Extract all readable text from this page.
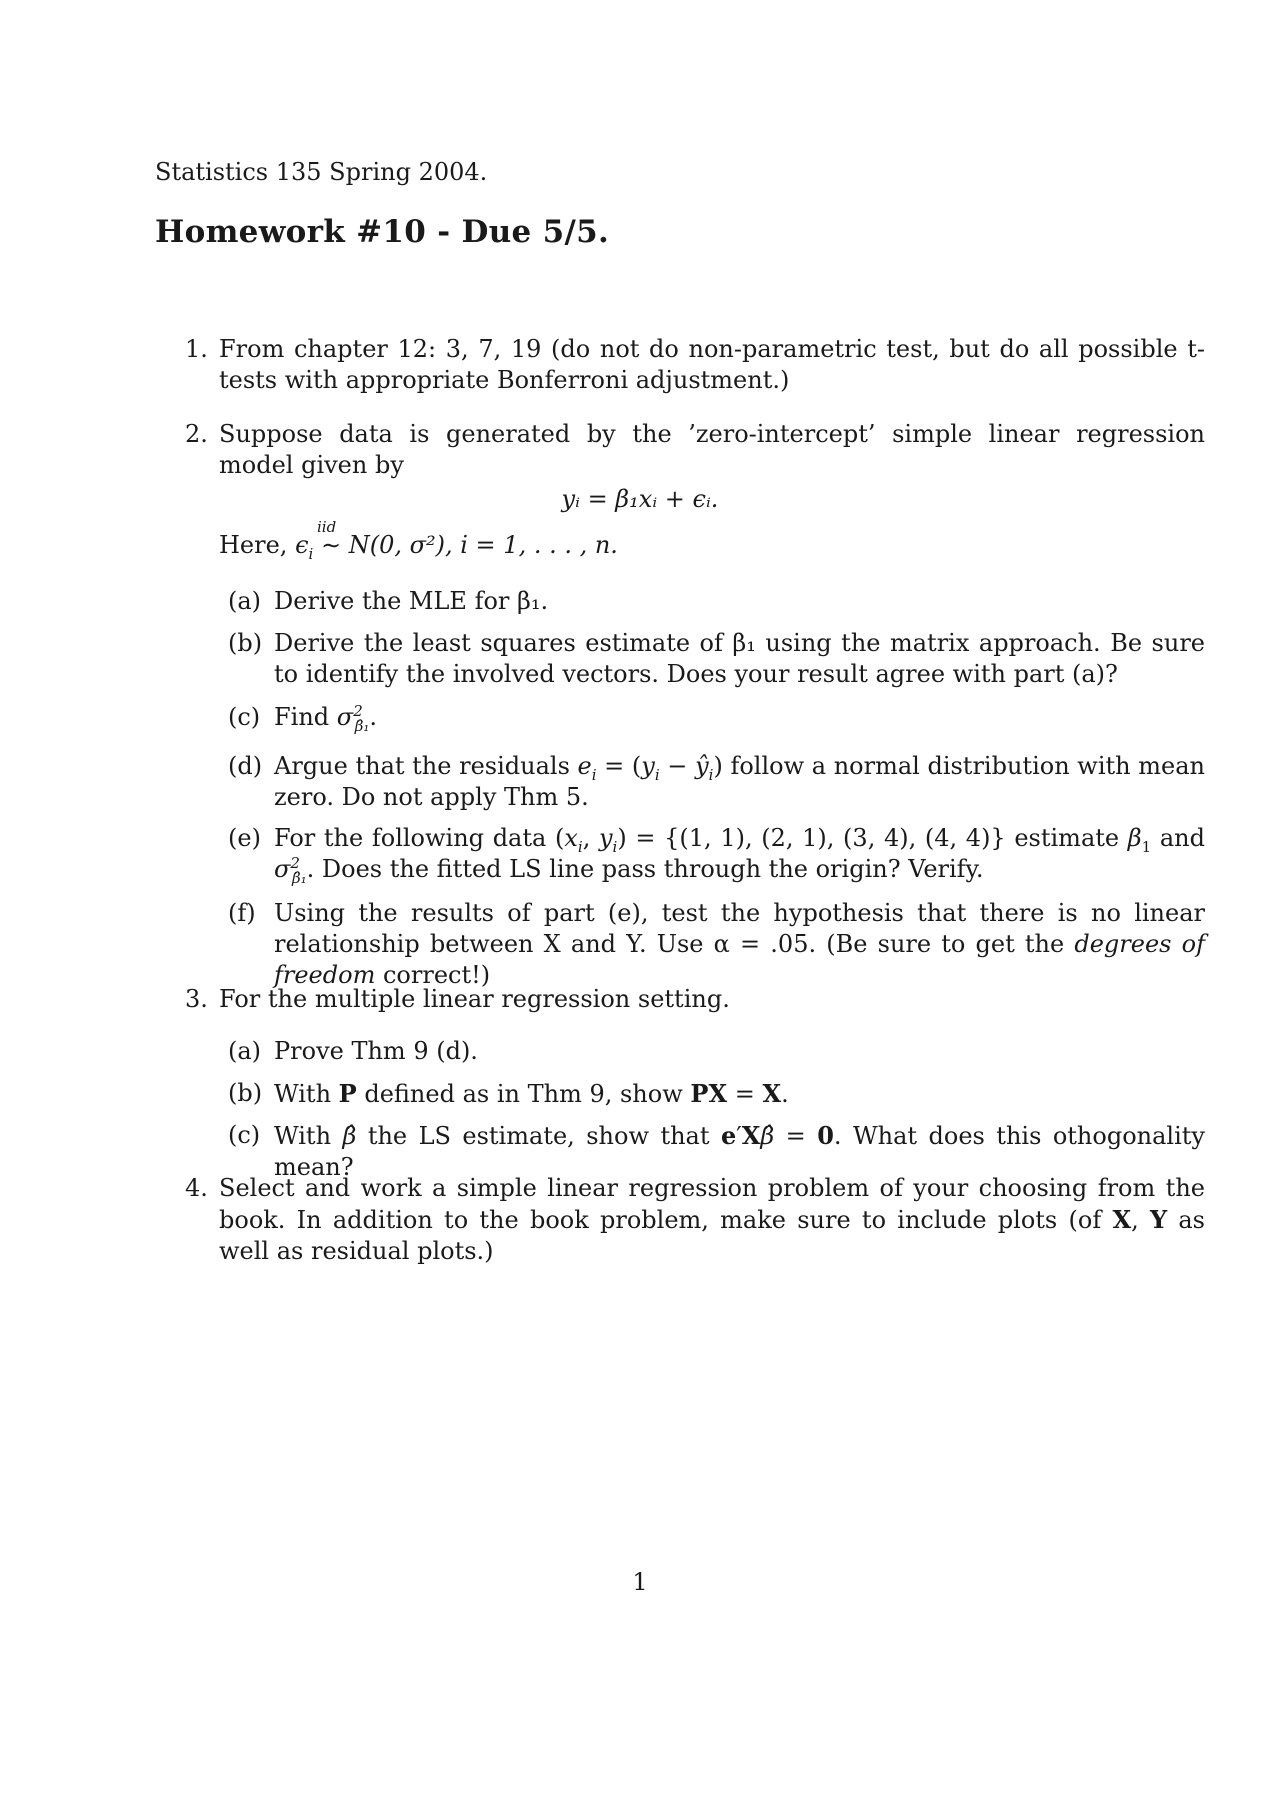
Statistics 135 Spring 2004.
Homework #10 - Due 5/5.
1. From chapter 12: 3, 7, 19 (do not do non-parametric test, but do all possible t-tests with appropriate Bonferroni adjustment.)
2. Suppose data is generated by the ’zero-intercept’ simple linear regression model given by
yᵢ = β₁xᵢ + ϵᵢ.
Here, $\epsilon_i$
iid
∼ N(0, σ²), i = 1, . . . , n.
(a) Derive the MLE for β₁.
(b) Derive the least squares estimate of β₁ using the matrix approach. Be sure to identify the involved vectors. Does your result agree with part (a)?
(c) Find $\sigma^2_{\betâ_1}$.
(d) Argue that the residuals $e_i = (y_i$ − $ŷ_i$) follow a normal distribution with mean zero. Do not apply Thm 5.
(e) For the following data ($x_i$, $y_i) = \{(1$, 1), (2, 1), (3, 4), (4, 4)} estimate $\beta_1$ and $\sigma^2_{\betâ_1}$. Does the fitted LS line pass through the origin? Verify.
(f) Using the results of part (e), test the hypothesis that there is no linear relationship between X and Y. Use α = .05. (Be sure to get the degrees of freedom correct!)
3. For the multiple linear regression setting.
(a) Prove Thm 9 (d).
(b) With P defined as in Thm 9, show PX = X.
(c) With β̂ the LS estimate, show that e′Xβ̂ = 0. What does this othogonality mean?
4. Select and work a simple linear regression problem of your choosing from the book. In addition to the book problem, make sure to include plots (of X, Y as well as residual plots.)
1
